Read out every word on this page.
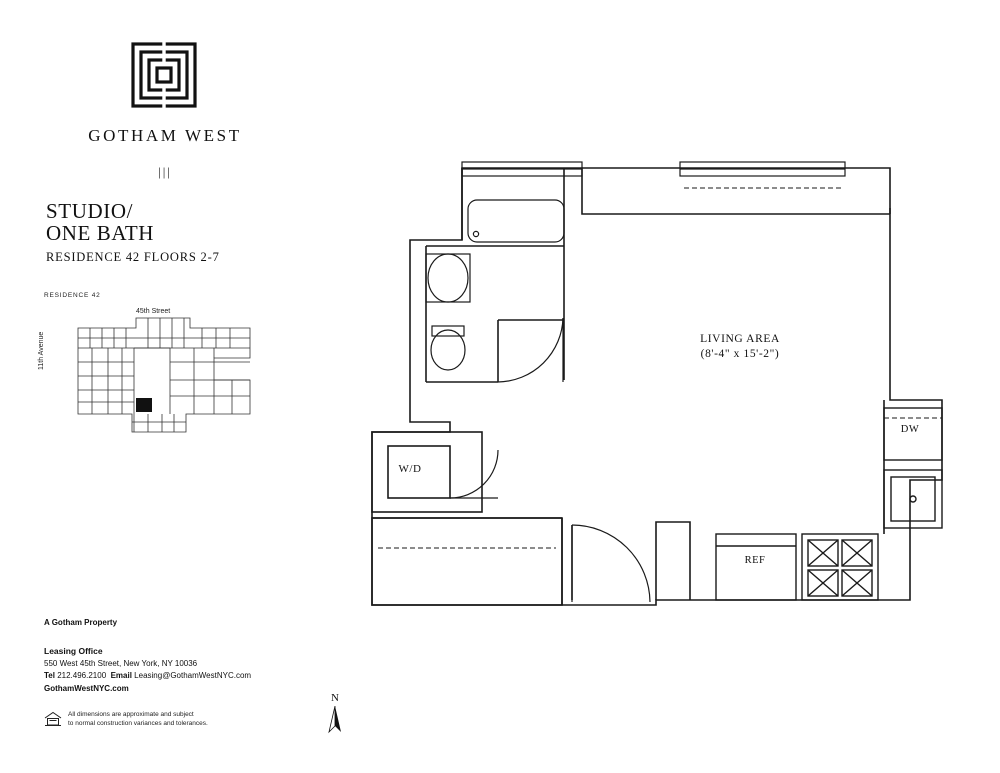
GOTHAM WEST
|||
STUDIO/
ONE BATH
RESIDENCE 42 FLOORS 2-7
RESIDENCE 42
45th Street
11th Avenue
A Gotham Property
Leasing Office
550 West 45th Street, New York, NY 10036
Tel 212.496.2100 Email Leasing@GothamWestNYC.com
GothamWestNYC.com
All dimensions are approximate and subject
to normal construction variances and tolerances.
N
LIVING AREA
(8'-4" x 15'-2")
W/D
REF
DW
